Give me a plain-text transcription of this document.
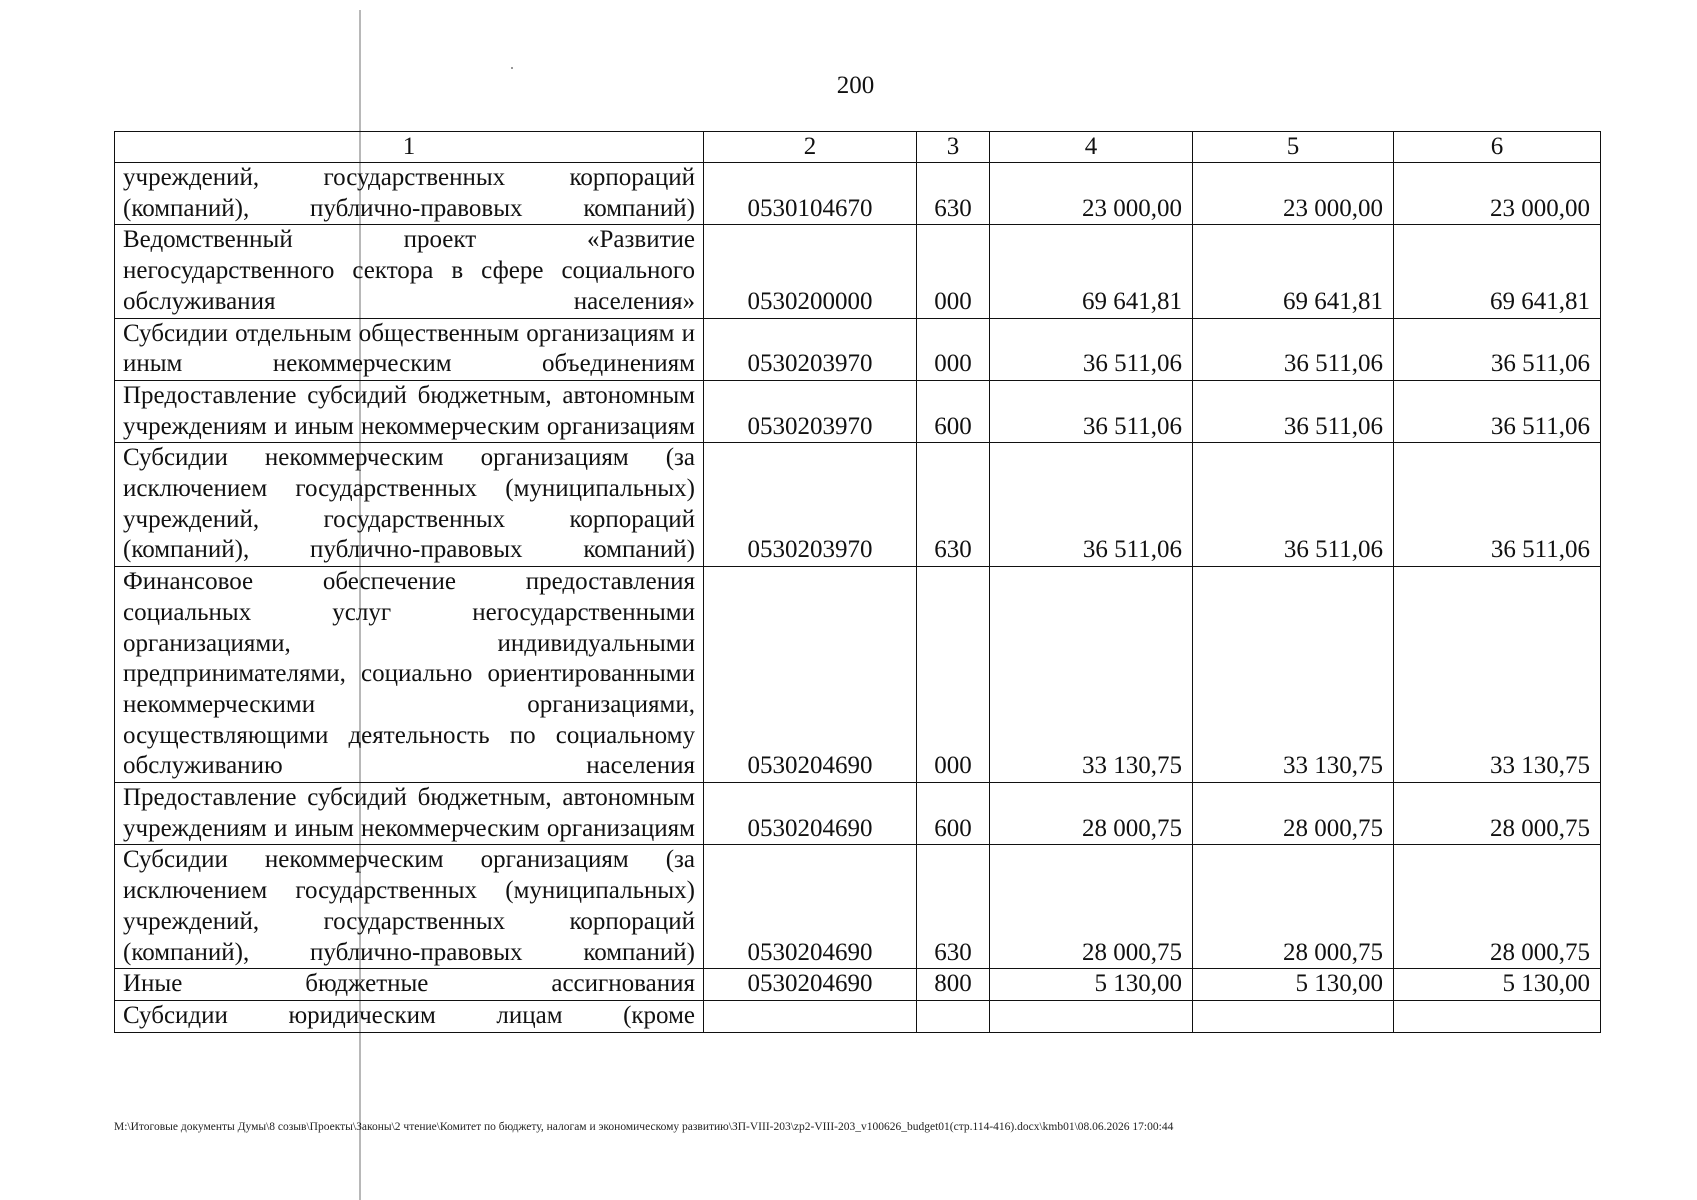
200
1	2	3	4	5	6
учреждений, государственных корпораций (компаний), публично-правовых компаний)	0530104670	630	23 000,00	23 000,00	23 000,00
Ведомственный проект «Развитие негосударственного сектора в сфере социального обслуживания населения»	0530200000	000	69 641,81	69 641,81	69 641,81
Субсидии отдельным общественным организациям и иным некоммерческим объединениям	0530203970	000	36 511,06	36 511,06	36 511,06
Предоставление субсидий бюджетным, автономным учреждениям и иным некоммерческим организациям	0530203970	600	36 511,06	36 511,06	36 511,06
Субсидии некоммерческим организациям (за исключением государственных (муниципальных) учреждений, государственных корпораций (компаний), публично-правовых компаний)	0530203970	630	36 511,06	36 511,06	36 511,06
Финансовое обеспечение предоставления социальных услуг негосударственными организациями, индивидуальными предпринимателями, социально ориентированными некоммерческими организациями, осуществляющими деятельность по социальному обслуживанию населения	0530204690	000	33 130,75	33 130,75	33 130,75
Предоставление субсидий бюджетным, автономным учреждениям и иным некоммерческим организациям	0530204690	600	28 000,75	28 000,75	28 000,75
Субсидии некоммерческим организациям (за исключением государственных (муниципальных) учреждений, государственных корпораций (компаний), публично-правовых компаний)	0530204690	630	28 000,75	28 000,75	28 000,75
Иные бюджетные ассигнования	0530204690	800	5 130,00	5 130,00	5 130,00
Субсидии юридическим лицам (кроме					
M:\Итоговые документы Думы\8 созыв\Проекты\Законы\2 чтение\Комитет по бюджету, налогам и экономическому развитию\ЗП-VIII-203\zp2-VIII-203_v100626_budget01(стр.114-416).docx\kmb01\08.06.2026 17:00:44
